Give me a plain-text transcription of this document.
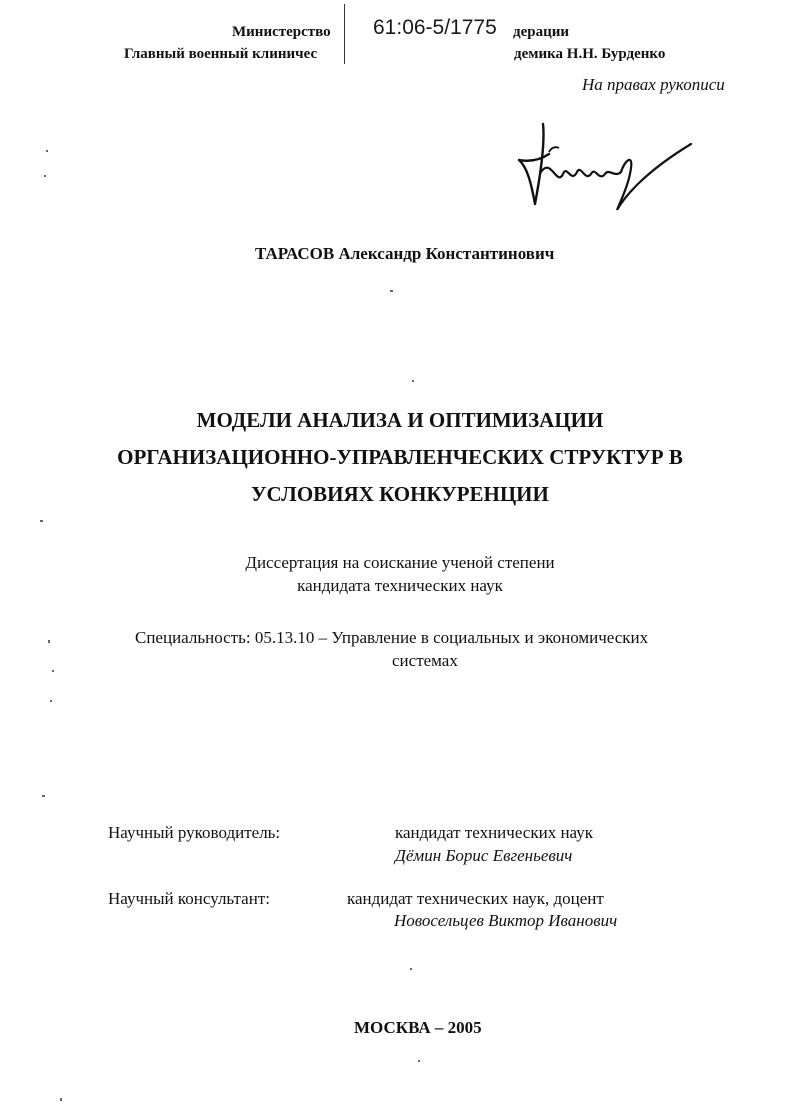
Министерство 61:06-5/1775 дерации
Главный военный клиничес	демика Н.Н. Бурденко
На правах рукописи
ТАРАСОВ Александр Константинович
МОДЕЛИ АНАЛИЗА И ОПТИМИЗАЦИИ
ОРГАНИЗАЦИОННО-УПРАВЛЕНЧЕСКИХ СТРУКТУР В
УСЛОВИЯХ КОНКУРЕНЦИИ
Диссертация на соискание ученой степени
кандидата технических наук
Специальность: 05.13.10 – Управление в социальных и экономических
системах
Научный руководитель:	кандидат технических наук
Дёмин Борис Евгеньевич
Научный консультант:	кандидат технических наук, доцент
Новосельцев Виктор Иванович
МОСКВА – 2005
